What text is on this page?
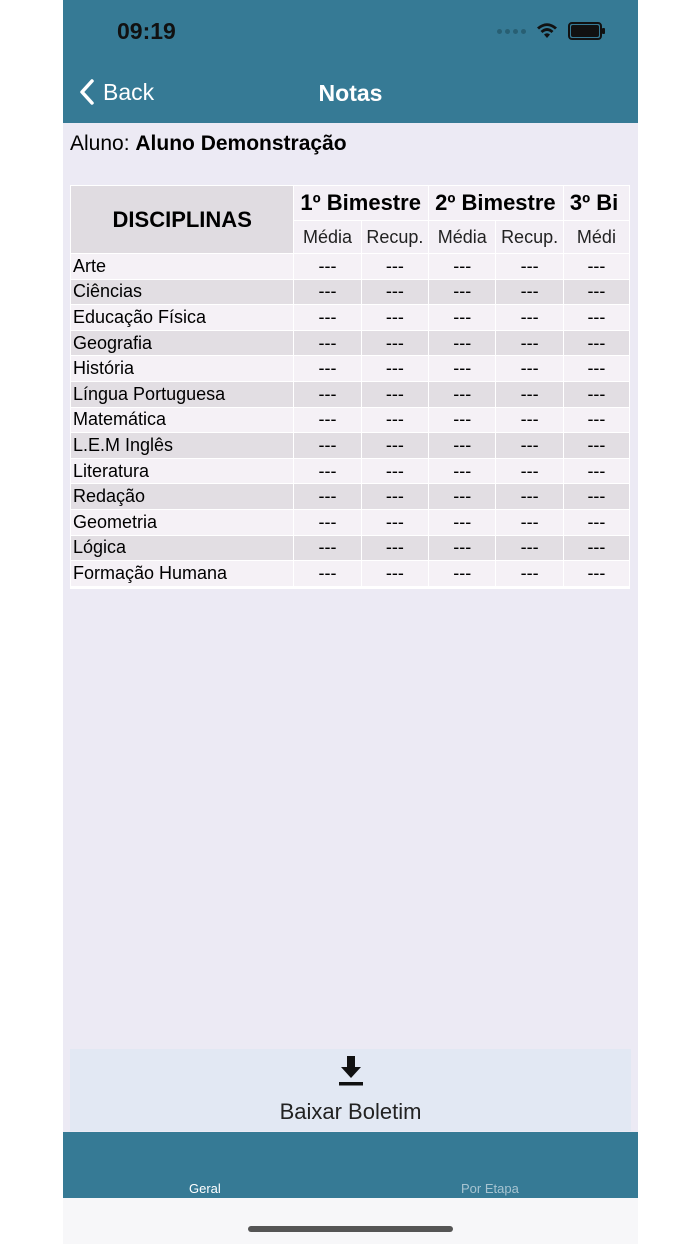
09:19
Back	Notas
Aluno: Aluno Demonstração
DISCIPLINAS	1º Bimestre		2º Bimestre		3º Bi
	Média	Recup.	Média	Recup.	Médi
Arte	---	---	---	---	---
Ciências	---	---	---	---	---
Educação Física	---	---	---	---	---
Geografia	---	---	---	---	---
História	---	---	---	---	---
Língua Portuguesa	---	---	---	---	---
Matemática	---	---	---	---	---
L.E.M Inglês	---	---	---	---	---
Literatura	---	---	---	---	---
Redação	---	---	---	---	---
Geometria	---	---	---	---	---
Lógica	---	---	---	---	---
Formação Humana	---	---	---	---	---
Baixar Boletim
Geral	Por Etapa
